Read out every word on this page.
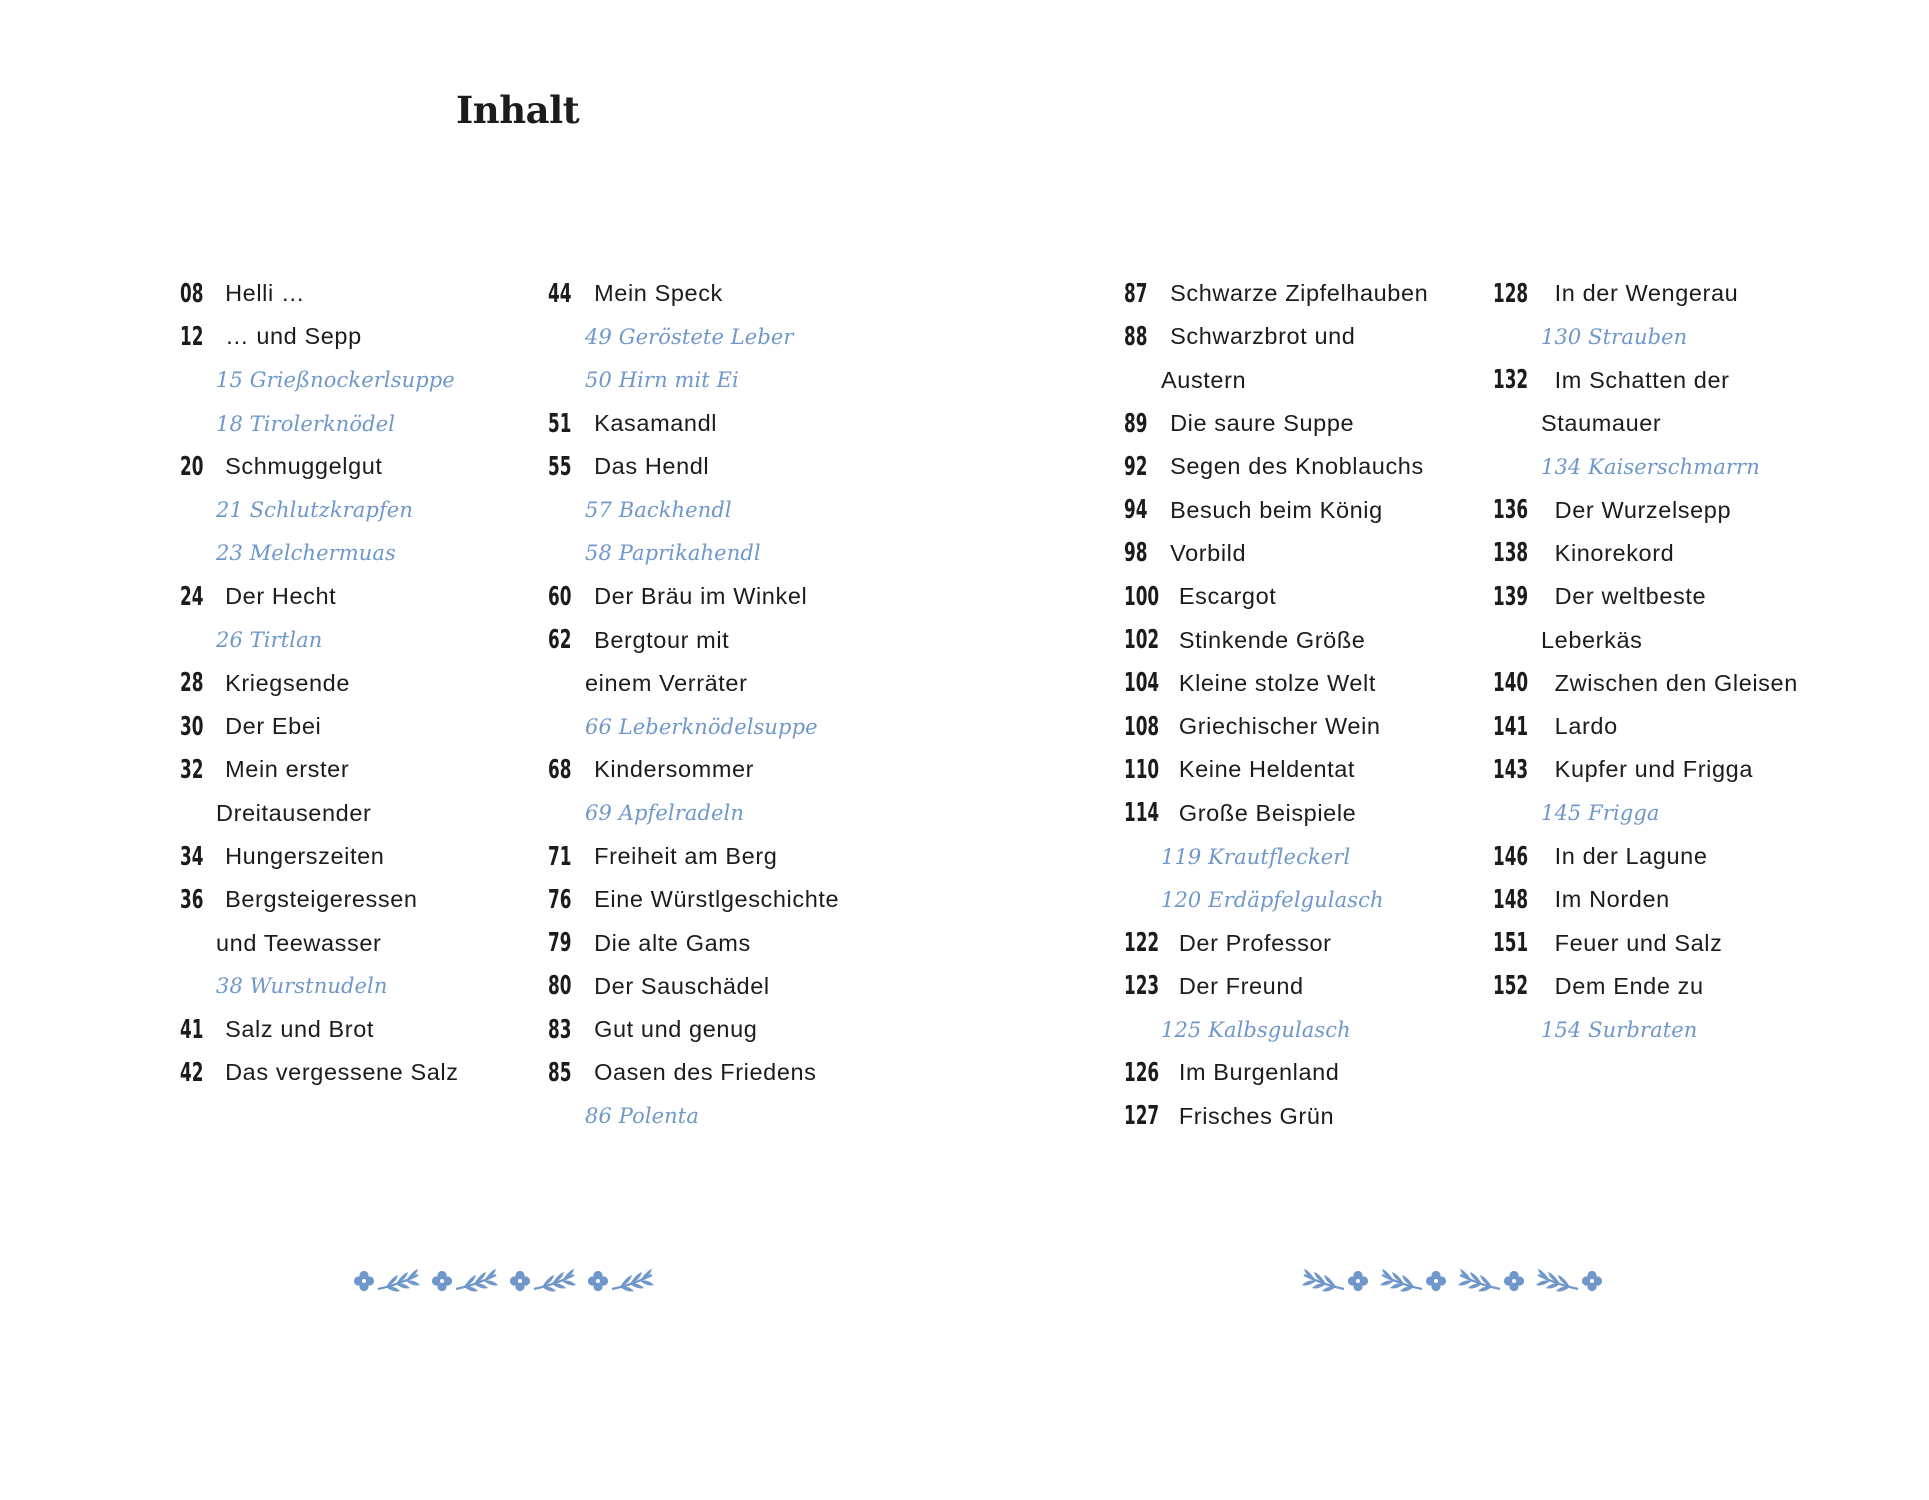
Inhalt
08 Helli …
12 … und Sepp
15 Grießnockerlsuppe
18 Tirolerknödel
20 Schmuggelgut
21 Schlutzkrapfen
23 Melchermuas
24 Der Hecht
26 Tirtlan
28 Kriegsende
30 Der Ebei
32 Mein erster
Dreitausender
34 Hungerszeiten
36 Bergsteigeressen
und Teewasser
38 Wurstnudeln
41 Salz und Brot
42 Das vergessene Salz
44 Mein Speck
49 Geröstete Leber
50 Hirn mit Ei
51 Kasamandl
55 Das Hendl
57 Backhendl
58 Paprikahendl
60 Der Bräu im Winkel
62 Bergtour mit
einem Verräter
66 Leberknödelsuppe
68 Kindersommer
69 Apfelradeln
71 Freiheit am Berg
76 Eine Würstlgeschichte
79 Die alte Gams
80 Der Sauschädel
83 Gut und genug
85 Oasen des Friedens
86 Polenta
87 Schwarze Zipfelhauben
88 Schwarzbrot und
Austern
89 Die saure Suppe
92 Segen des Knoblauchs
94 Besuch beim König
98 Vorbild
100 Escargot
102 Stinkende Größe
104 Kleine stolze Welt
108 Griechischer Wein
110 Keine Heldentat
114 Große Beispiele
119 Krautfleckerl
120 Erdäpfelgulasch
122 Der Professor
123 Der Freund
125 Kalbsgulasch
126 Im Burgenland
127 Frisches Grün
128 In der Wengerau
130 Strauben
132 Im Schatten der
Staumauer
134 Kaiserschmarrn
136 Der Wurzelsepp
138 Kinorekord
139 Der weltbeste
Leberkäs
140 Zwischen den Gleisen
141 Lardo
143 Kupfer und Frigga
145 Frigga
146 In der Lagune
148 Im Norden
151 Feuer und Salz
152 Dem Ende zu
154 Surbraten
